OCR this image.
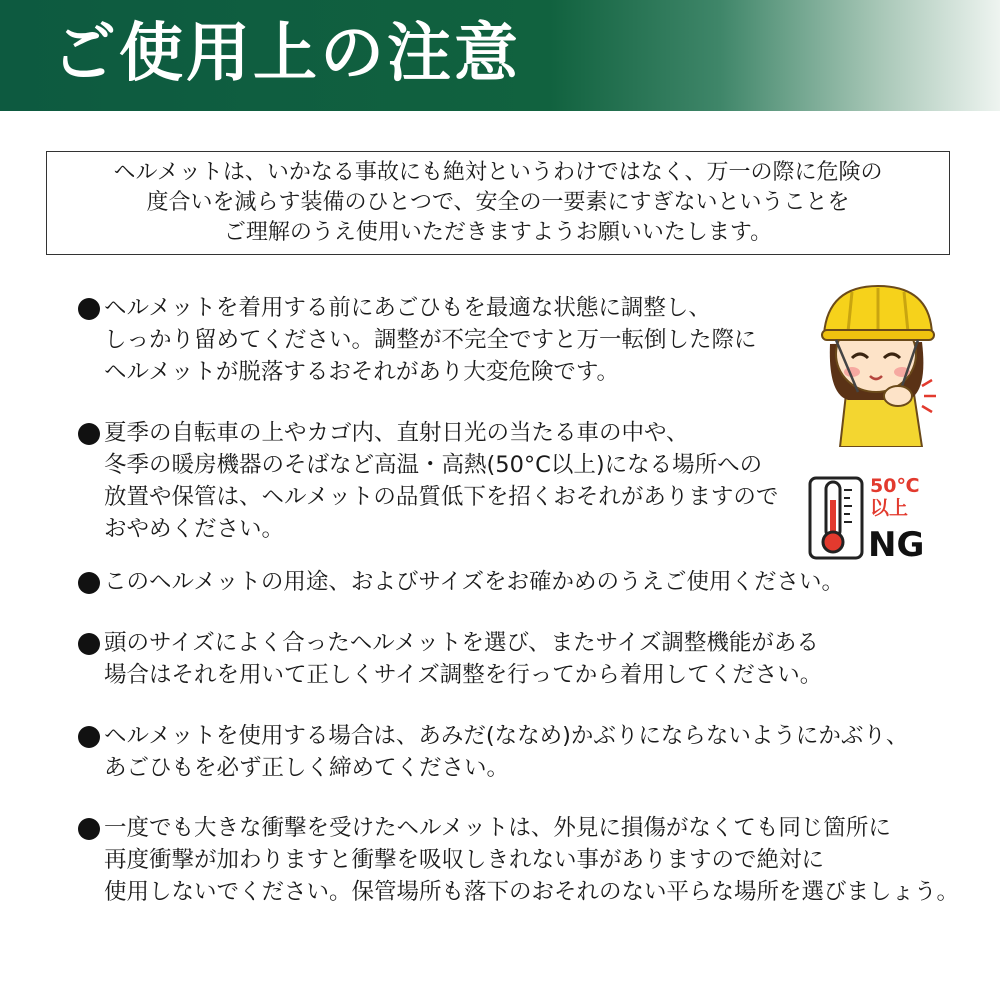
ご使用上の注意
ヘルメットは、いかなる事故にも絶対というわけではなく、万一の際に危険の
度合いを減らす装備のひとつで、安全の一要素にすぎないということを
ご理解のうえ使用いただきますようお願いいたします。
ヘルメットを着用する前にあごひもを最適な状態に調整し、
しっかり留めてください。調整が不完全ですと万一転倒した際に
ヘルメットが脱落するおそれがあり大変危険です。
夏季の自転車の上やカゴ内、直射日光の当たる車の中や、
冬季の暖房機器のそばなど高温・高熱(50°C以上)になる場所への
放置や保管は、ヘルメットの品質低下を招くおそれがありますので
おやめください。
このヘルメットの用途、およびサイズをお確かめのうえご使用ください。
頭のサイズによく合ったヘルメットを選び、またサイズ調整機能がある
場合はそれを用いて正しくサイズ調整を行ってから着用してください。
ヘルメットを使用する場合は、あみだ(ななめ)かぶりにならないようにかぶり、
あごひもを必ず正しく締めてください。
一度でも大きな衝撃を受けたヘルメットは、外見に損傷がなくても同じ箇所に
再度衝撃が加わりますと衝撃を吸収しきれない事がありますので絶対に
使用しないでください。保管場所も落下のおそれのない平らな場所を選びましょう。
50℃
以上
NG
